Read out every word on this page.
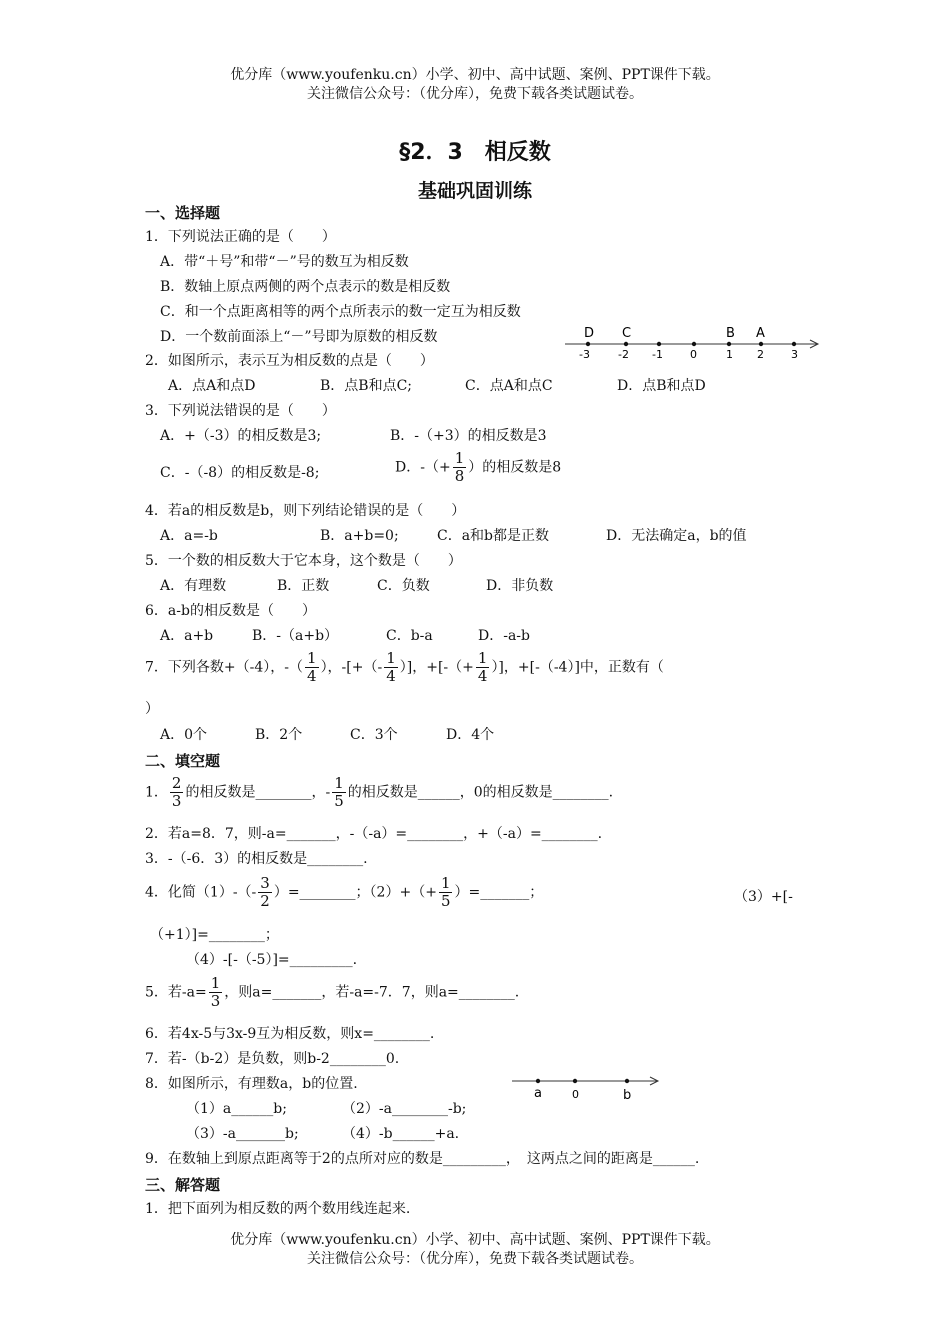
优分库（www.youfenku.cn）小学、初中、高中试题、案例、PPT课件下载。
关注微信公众号：（优分库），免费下载各类试题试卷。
§2．3　相反数
基础巩固训练
一、选择题
1．下列说法正确的是（　　）
A．带“＋号”和带“－”号的数互为相反数
B．数轴上原点两侧的两个点表示的数是相反数
C．和一个点距离相等的两个点所表示的数一定互为相反数
D．一个数前面添上“－”号即为原数的相反数	D C	B A
-3	-2 -1 0	1 2 3
2．如图所示，表示互为相反数的点是（　　）
A．点A和点D	B．点B和点C;	C．点A和点C	D．点B和点D
3．下列说法错误的是（　　）
A．+（-3）的相反数是3;	B．-（+3）的相反数是3
C．-（-8）的相反数是-8;	D．-（+ $\frac{1}{8}$ ）的相反数是8
4．若a的相反数是b，则下列结论错误的是（　　）
A．a=-b	B．a+b=0;	C．a和b都是正数	D．无法确定a，b的值
5．一个数的相反数大于它本身，这个数是（　　）
A．有理数	B．正数	C．负数	D．非负数
6．a-b的相反数是（　　）
A．a+b	B．-（a+b）	C．b-a	D．-a-b
7．下列各数+（-4），-（ $\frac{1}{4}$ ），-[+（- $\frac{1}{4}$ ）]，+[-（+ $\frac{1}{4}$ ）]，+[-（-4）]中，正数有（
）
A．0个	B．2个	C．3个	D．4个
二、填空题
1． $\frac{2}{3}$ 的相反数是________，- $\frac{1}{5}$ 的相反数是______，0的相反数是________.
2．若a=8．7，则-a=_______，-（-a）=________，+（-a）=________.
3．-（-6．3）的相反数是________.
4．化简$(1)-(- \frac{3}{2}$ ）=________；$(2)+(+ \frac{1}{5}$ ）=_______；	（3）+[-
（+1）]=________；
（4）-[-（-5）]=_________.
5．若$-a= \frac{1}{3}$ ，则a=_______，若-a=-7．7，则a=________.
6．若4x-5与3x-9互为相反数，则x=________.
7．若-（b-2）是负数，则b-2________0.
8．如图所示，有理数a，b的位置.
（1）a______b;	（2）-a________-b;
（3）-a_______b;	（4）-b______+a.
a	0	b
9．在数轴上到原点距离等于2的点所对应的数是_________，　这两点之间的距离是______.
三、解答题
1．把下面列为相反数的两个数用线连起来.
优分库（www.youfenku.cn）小学、初中、高中试题、案例、PPT课件下载。
关注微信公众号：（优分库），免费下载各类试题试卷。
